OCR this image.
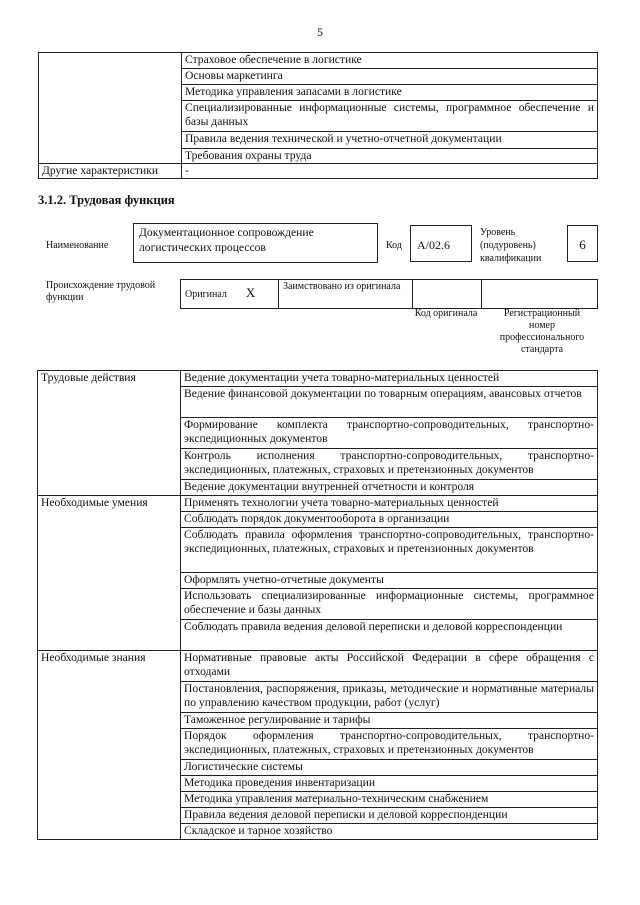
5
	Страховое обеспечение в логистике
	Основы маркетинга
	Методика управления запасами в логистике
	Специализированные информационные системы, программное обеспечение и базы данных
	Правила ведения технической и учетно-отчетной документации
	Требования охраны труда
Другие характеристики	-
3.1.2. Трудовая функция
Наименование
Документационное сопровождение логистических процессов	Код	А/02.6
Уровень (подуровень) квалификации
6
Происхождение трудовой функции	Оригинал Х	Заимствовано из оригинала		
Код оригинала	Регистрационный номер профессионального стандарта
Трудовые действия	Ведение документации учета товарно-материальных ценностей
	Ведение финансовой документации по товарным операциям, авансовых отчетов
	Формирование комплекта транспортно-сопроводительных, транспортно-экспедиционных документов
	Контроль исполнения транспортно-сопроводительных, транспортно-экспедиционных, платежных, страховых и претензионных документов
	Ведение документации внутренней отчетности и контроля
Необходимые умения	Применять технологии учета товарно-материальных ценностей
	Соблюдать порядок документооборота в организации
	Соблюдать правила оформления транспортно-сопроводительных, транспортно-экспедиционных, платежных, страховых и претензионных документов
	Оформлять учетно-отчетные документы
	Использовать специализированные информационные системы, программное обеспечение и базы данных
	Соблюдать правила ведения деловой переписки и деловой корреспонденции
Необходимые знания	Нормативные правовые акты Российской Федерации в сфере обращения с отходами
	Постановления, распоряжения, приказы, методические и нормативные материалы по управлению качеством продукции, работ (услуг)
	Таможенное регулирование и тарифы
	Порядок оформления транспортно-сопроводительных, транспортно-экспедиционных, платежных, страховых и претензионных документов
	Логистические системы
	Методика проведения инвентаризации
	Методика управления материально-техническим снабжением
	Правила ведения деловой переписки и деловой корреспонденции
	Складское и тарное хозяйство
